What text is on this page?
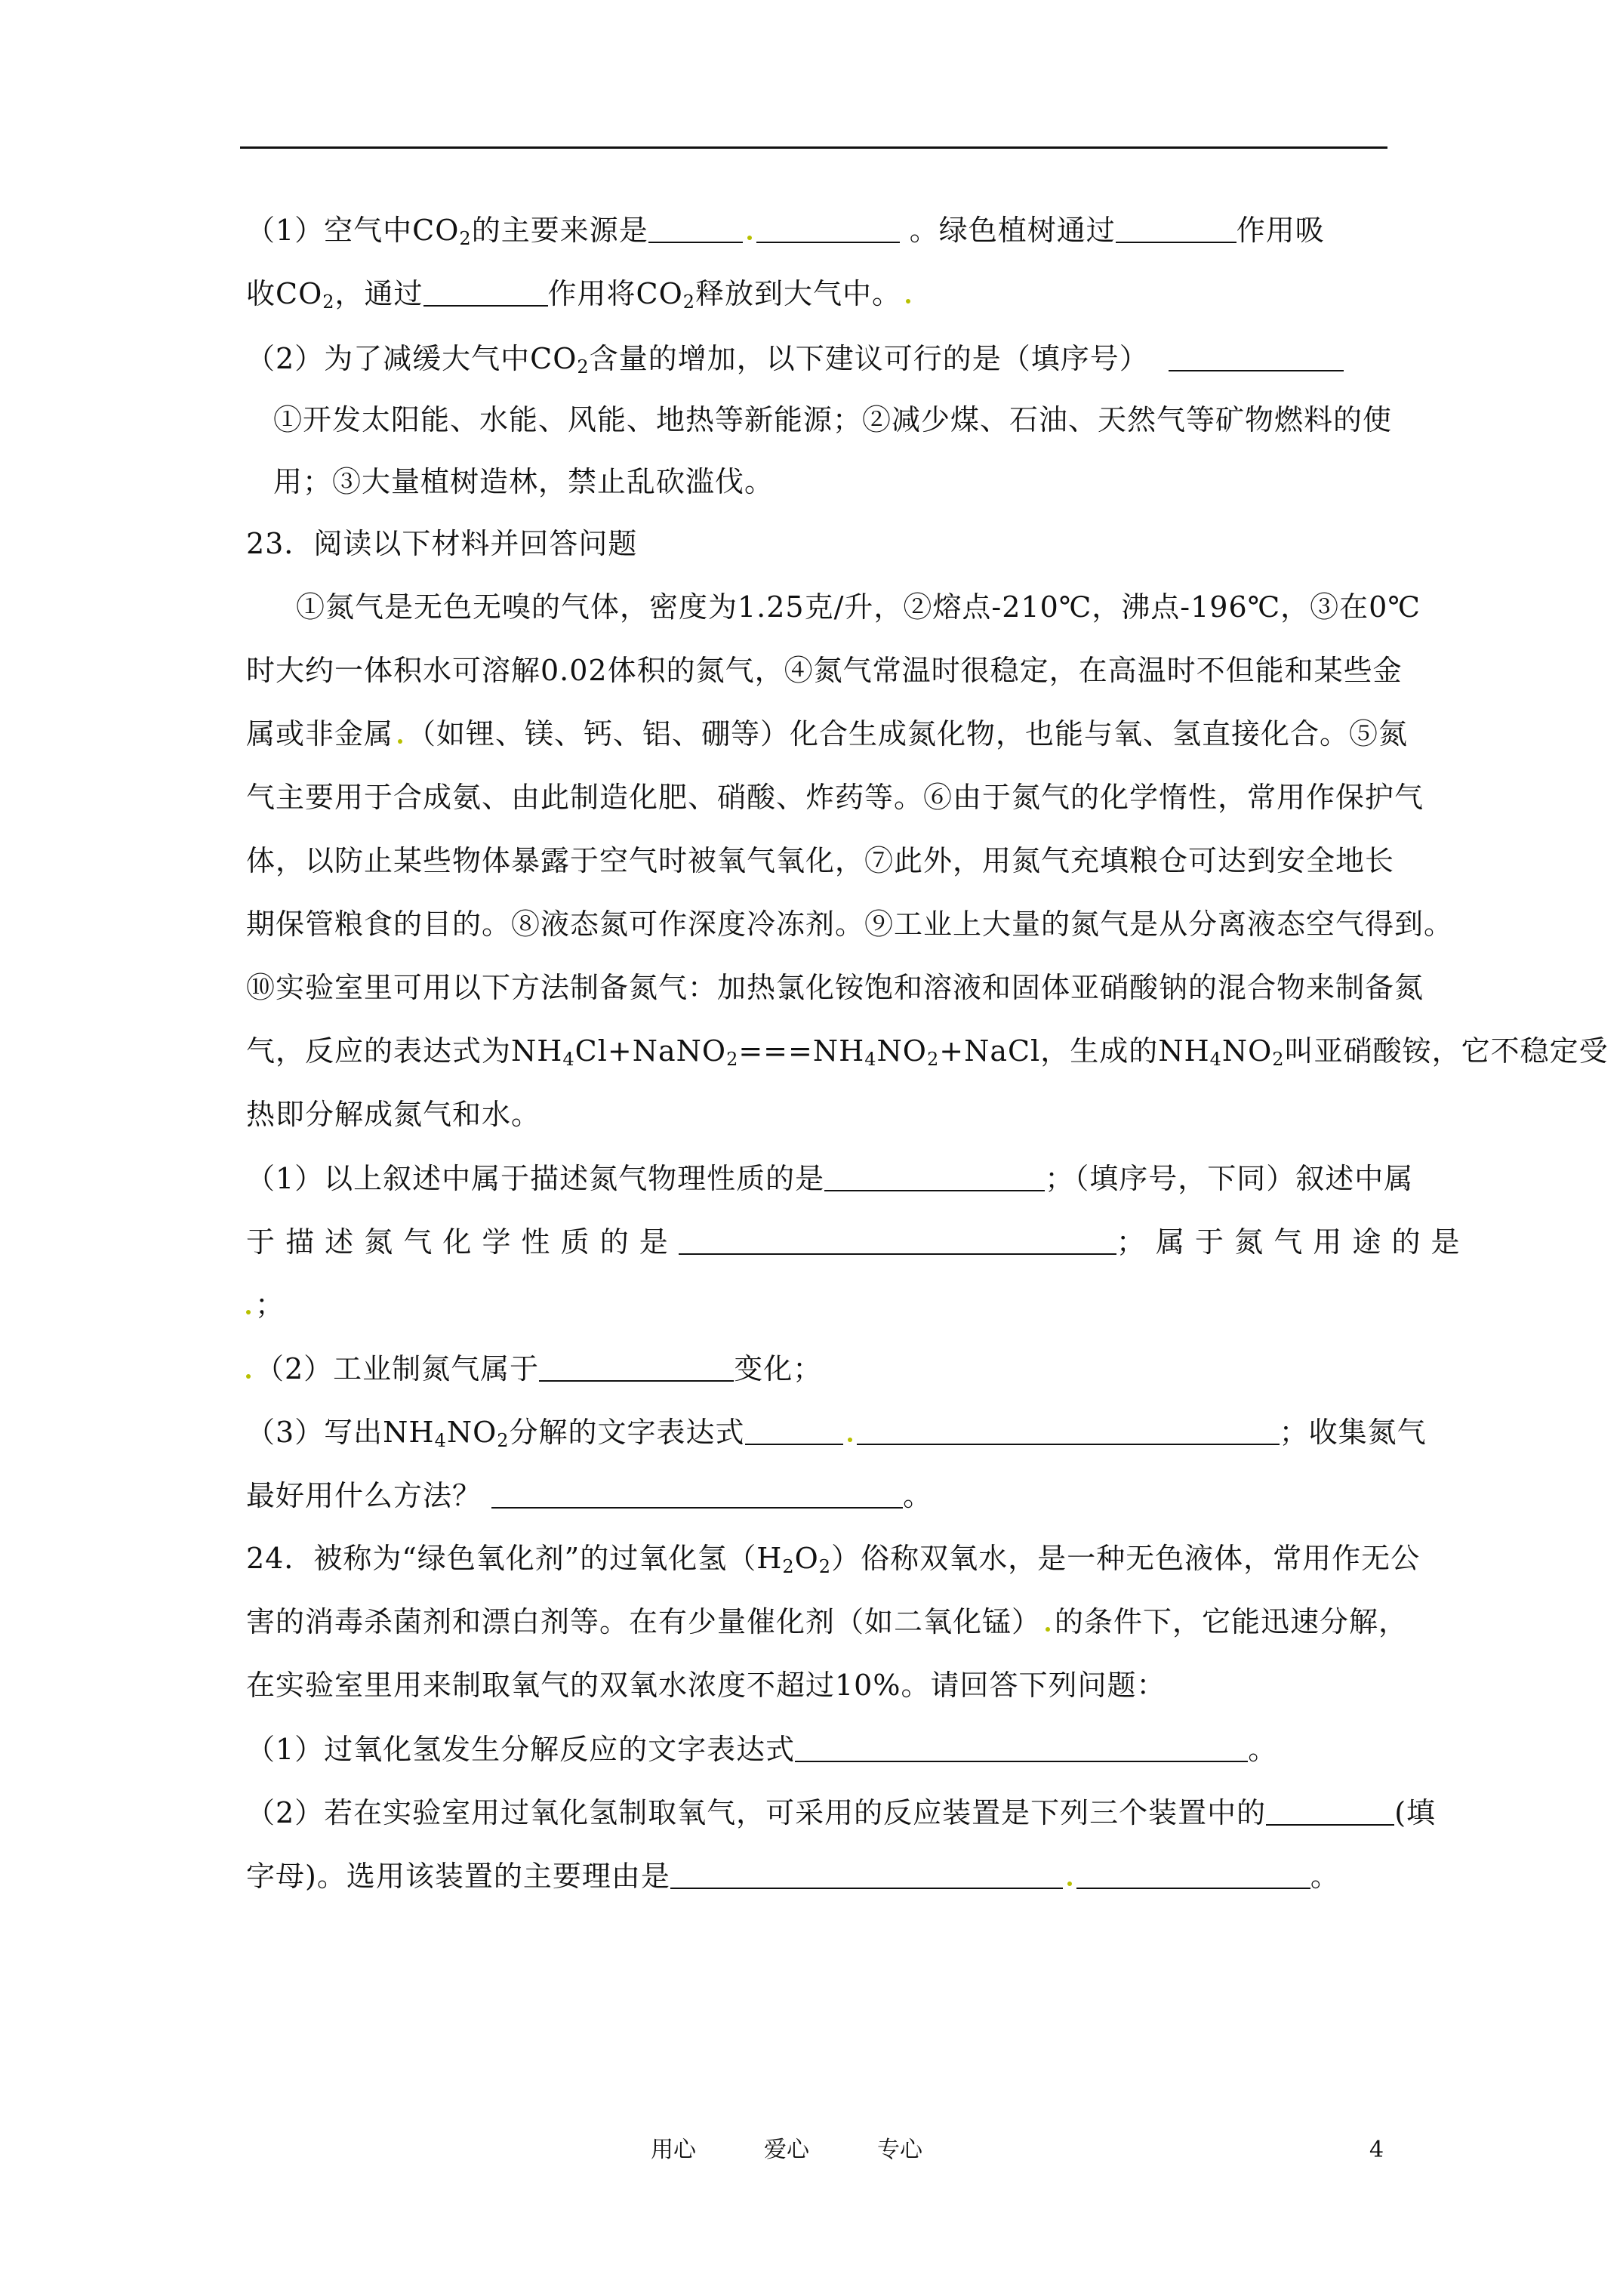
（1）空气中$CO_2$的主要来源是	。绿色植树通过	作用吸
收$CO_2$，通过	作用将$CO_2$释放到大气中。
（2）为了减缓大气中$CO_2$含量的增加，以下建议可行的是（填序号）
①开发太阳能、水能、风能、地热等新能源；②减少煤、石油、天然气等矿物燃料的使
用；③大量植树造林，禁止乱砍滥伐。
23．阅读以下材料并回答问题
①氮气是无色无嗅的气体，密度为1.25克/升，②熔点-210℃，沸点-196℃，③在0℃
时大约一体积水可溶解0.02体积的氮气，④氮气常温时很稳定，在高温时不但能和某些金
属或非金属 （如锂、镁、钙、铝、硼等）化合生成氮化物，也能与氧、氢直接化合。⑤氮
气主要用于合成氨、由此制造化肥、硝酸、炸药等。⑥由于氮气的化学惰性，常用作保护气
体，以防止某些物体暴露于空气时被氧气氧化，⑦此外，用氮气充填粮仓可达到安全地长
期保管粮食的目的。⑧液态氮可作深度冷冻剂。⑨工业上大量的氮气是从分离液态空气得到。
⑩实验室里可用以下方法制备氮气：加热氯化铵饱和溶液和固体亚硝酸钠的混合物来制备氮
气，反应的表达式为$NH_4Cl+NaNO_2===NH_4NO_2+NaCl$，生成的$NH_4NO_2$叫亚硝酸铵，它不稳定受
热即分解成氮气和水。
（1）以上叙述中属于描述氮气物理性质的是	；（填序号，下同）叙述中属
于 描 述 氮 气 化 学 性 质 的 是	； 属 于 氮 气 用 途 的 是
；
（2）工业制氮气属于	变化；
（3）写出$NH_4NO_2$分解的文字表达式	；收集氮气
最好用什么方法？	。
24．被称为“绿色氧化剂”的过氧化氢$(H_2O_2)$俗称双氧水，是一种无色液体，常用作无公
害的消毒杀菌剂和漂白剂等。在有少量催化剂（如二氧化锰） 的条件下，它能迅速分解，
在实验室里用来制取氧气的双氧水浓度不超过10%。请回答下列问题：
（1）过氧化氢发生分解反应的文字表达式	。
（2）若在实验室用过氧化氢制取氧气，可采用的反应装置是下列三个装置中的	(填
字母)。选用该装置的主要理由是	。
用心	爱心	专心	4
